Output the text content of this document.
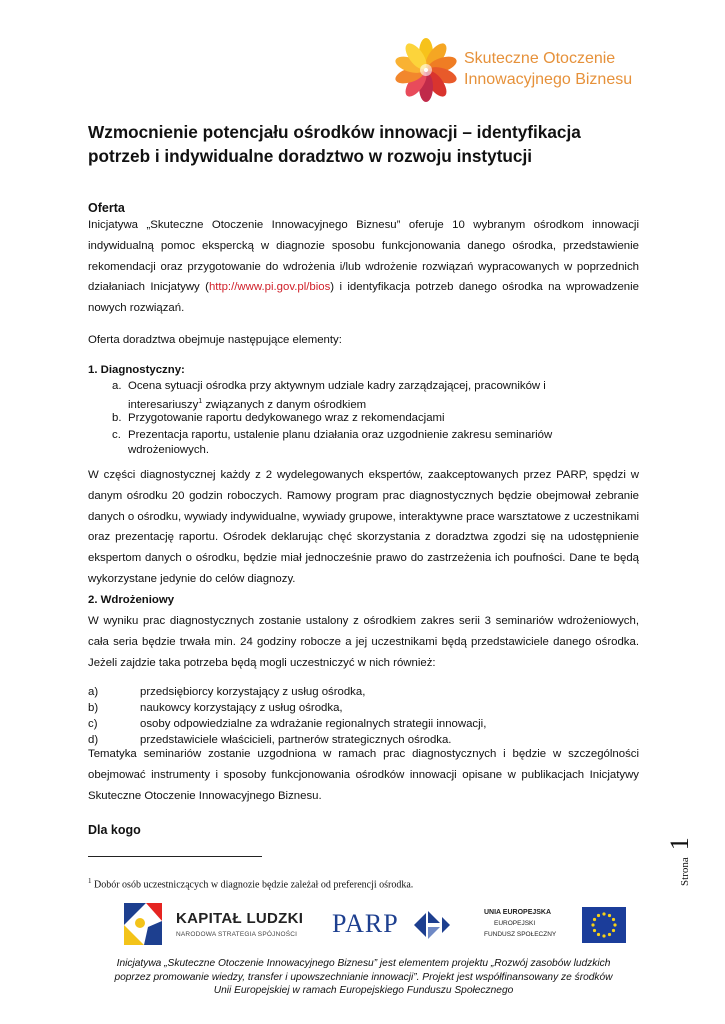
Skuteczne Otoczenie
Innowacyjnego Biznesu
Wzmocnienie potencjału ośrodków innowacji – identyfikacja
potrzeb i indywidualne doradztwo w rozwoju instytucji
Oferta
Inicjatywa „Skuteczne Otoczenie Innowacyjnego Biznesu” oferuje 10 wybranym ośrodkom innowacji indywidualną pomoc ekspercką w diagnozie sposobu funkcjonowania danego ośrodka, przedstawienie rekomendacji oraz przygotowanie do wdrożenia i/lub wdrożenie rozwiązań wypracowanych w poprzednich działaniach Inicjatywy (http://www.pi.gov.pl/bios) i identyfikacja potrzeb danego ośrodka na wprowadzenie nowych rozwiązań.
Oferta doradztwa obejmuje następujące elementy:
1. Diagnostyczny:
a. Ocena sytuacji ośrodka przy aktywnym udziale kadry zarządzającej, pracowników i
interesariuszy$^1$ związanych z danym ośrodkiem
b. Przygotowanie raportu dedykowanego wraz z rekomendacjami
c. Prezentacja raportu, ustalenie planu działania oraz uzgodnienie zakresu seminariów
wdrożeniowych.
W części diagnostycznej każdy z 2 wydelegowanych ekspertów, zaakceptowanych przez PARP, spędzi w danym ośrodku 20 godzin roboczych. Ramowy program prac diagnostycznych będzie obejmował zebranie danych o ośrodku, wywiady indywidualne, wywiady grupowe, interaktywne prace warsztatowe z uczestnikami oraz prezentację raportu. Ośrodek deklarując chęć skorzystania z doradztwa zgodzi się na udostępnienie ekspertom danych o ośrodku, będzie miał jednocześnie prawo do zastrzeżenia ich poufności. Dane te będą wykorzystane jedynie do celów diagnozy.
2. Wdrożeniowy
W wyniku prac diagnostycznych zostanie ustalony z ośrodkiem zakres serii 3 seminariów wdrożeniowych, cała seria będzie trwała min. 24 godziny robocze a jej uczestnikami będą przedstawiciele danego ośrodka. Jeżeli zajdzie taka potrzeba będą mogli uczestniczyć w nich również:
a)	przedsiębiorcy korzystający z usług ośrodka,
b)	naukowcy korzystający z usług ośrodka,
c)	osoby odpowiedzialne za wdrażanie regionalnych strategii innowacji,
d)	przedstawiciele właścicieli, partnerów strategicznych ośrodka.
Tematyka seminariów zostanie uzgodniona w ramach prac diagnostycznych i będzie w szczególności obejmować instrumenty i sposoby funkcjonowania ośrodków innowacji opisane w publikacjach Inicjatywy Skuteczne Otoczenie Innowacyjnego Biznesu.
Dla kogo
$^1$ Dobór osób uczestniczących w diagnozie będzie zależał od preferencji ośrodka.	Strona 1
KAPITAŁ LUDZKI
NARODOWA STRATEGIA SPÓJNOŚCI PARP	UNIA EUROPEJSKA
EUROPEJSKI
FUNDUSZ SPOŁECZNY
Inicjatywa „Skuteczne Otoczenie Innowacyjnego Biznesu” jest elementem projektu „Rozwój zasobów ludzkich
poprzez promowanie wiedzy, transfer i upowszechnianie innowacji”. Projekt jest współfinansowany ze środków
Unii Europejskiej w ramach Europejskiego Funduszu Społecznego
